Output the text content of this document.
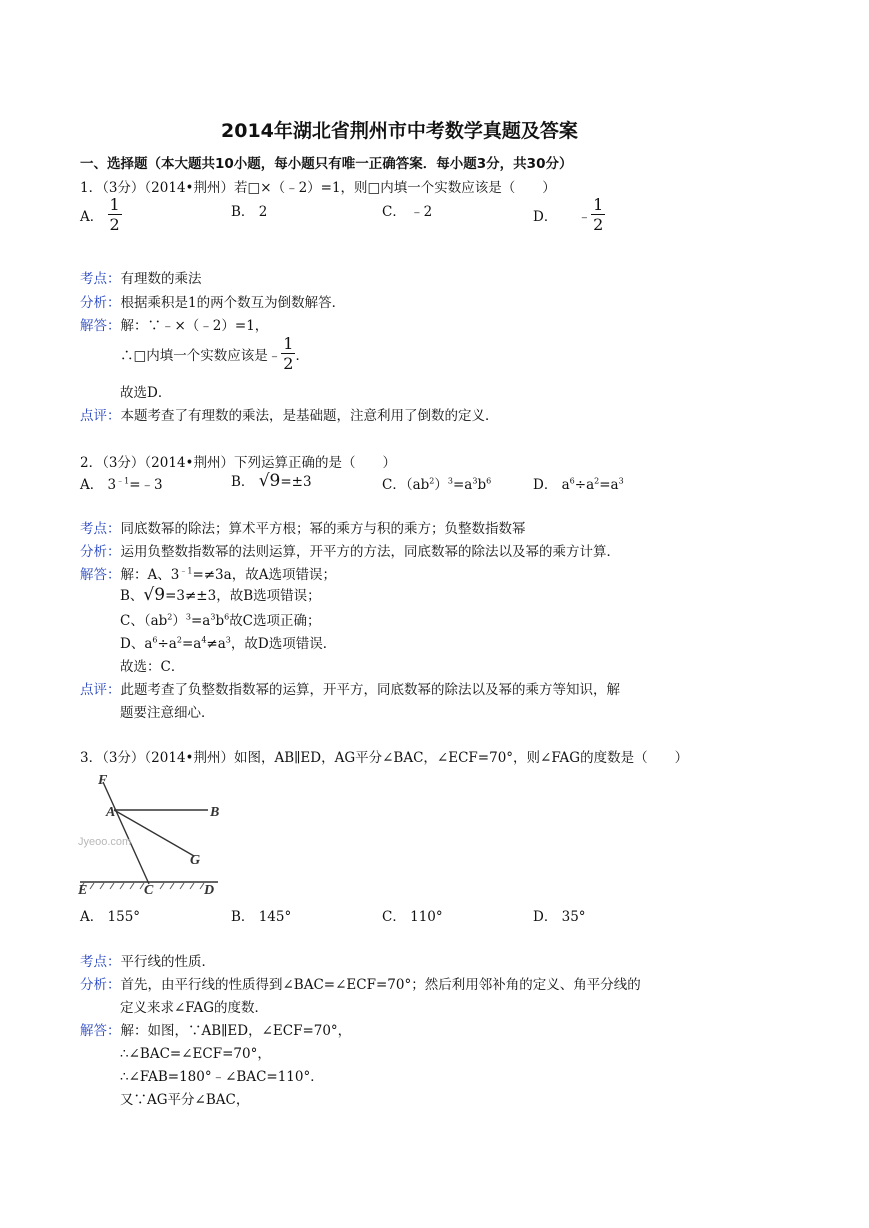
2014年湖北省荆州市中考数学真题及答案
一、选择题（本大题共10小题，每小题只有唯一正确答案．每小题3分，共30分）
1．（3分）（2014•荆州）若□×（﹣2）=1，则□内填一个实数应该是（　　）
A． $\frac{1}{2}$	B． 2	C． ﹣2	D． ﹣ $\frac{1}{2}$
考点：有理数的乘法
分析：根据乘积是1的两个数互为倒数解答．
解答：解：∵﹣×（﹣2）=1，
∴□内填一个实数应该是﹣ $\frac{1}{2}$ ．
故选D．
点评：本题考查了有理数的乘法，是基础题，注意利用了倒数的定义．
2．（3分）（2014•荆州）下列运算正确的是（　　）
A． $3^{﹣1}=﹣3$	B． √9=±3	C．$(ab^2)^3=a^3b^6$	D． $a^6\div a^2=a^3$
考点：同底数幂的除法；算术平方根；幂的乘方与积的乘方；负整数指数幂
分析：运用负整数指数幂的法则运算，开平方的方法，同底数幂的除法以及幂的乘方计算．
解答：解：A、$3^{﹣1}=\ne 3a$，故A选项错误；
B、√9=3≠±3，故B选项错误；
C、$(ab^2)^3=a^3b^6$故C选项正确；
D、$a^6\div a^2=a^4\ne a^3$，故D选项错误．
故选：C．
点评：此题考查了负整数指数幂的运算，开平方，同底数幂的除法以及幂的乘方等知识，解
题要注意细心．
3．（3分）（2014•荆州）如图，AB∥ED，AG平分∠BAC，∠ECF=70°，则∠FAG的度数是（　　）
Jyeoo.com
F
A	B
G
E	C	D
A． 155°	B． 145°	C． 110°	D． 35°
考点：平行线的性质．
分析：首先，由平行线的性质得到∠BAC=∠ECF=70°；然后利用邻补角的定义、角平分线的
定义来求∠FAG的度数．
解答：解：如图，∵AB∥ED，∠ECF=70°，
∴∠BAC=∠ECF=70°，
∴∠FAB=180°﹣∠BAC=110°．
又∵AG平分∠BAC，
